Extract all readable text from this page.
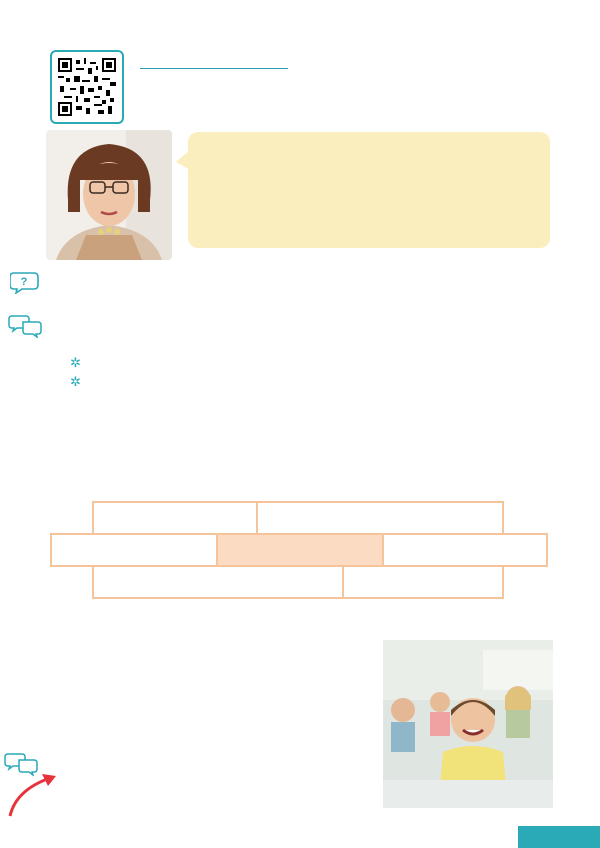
?
✲
✲
